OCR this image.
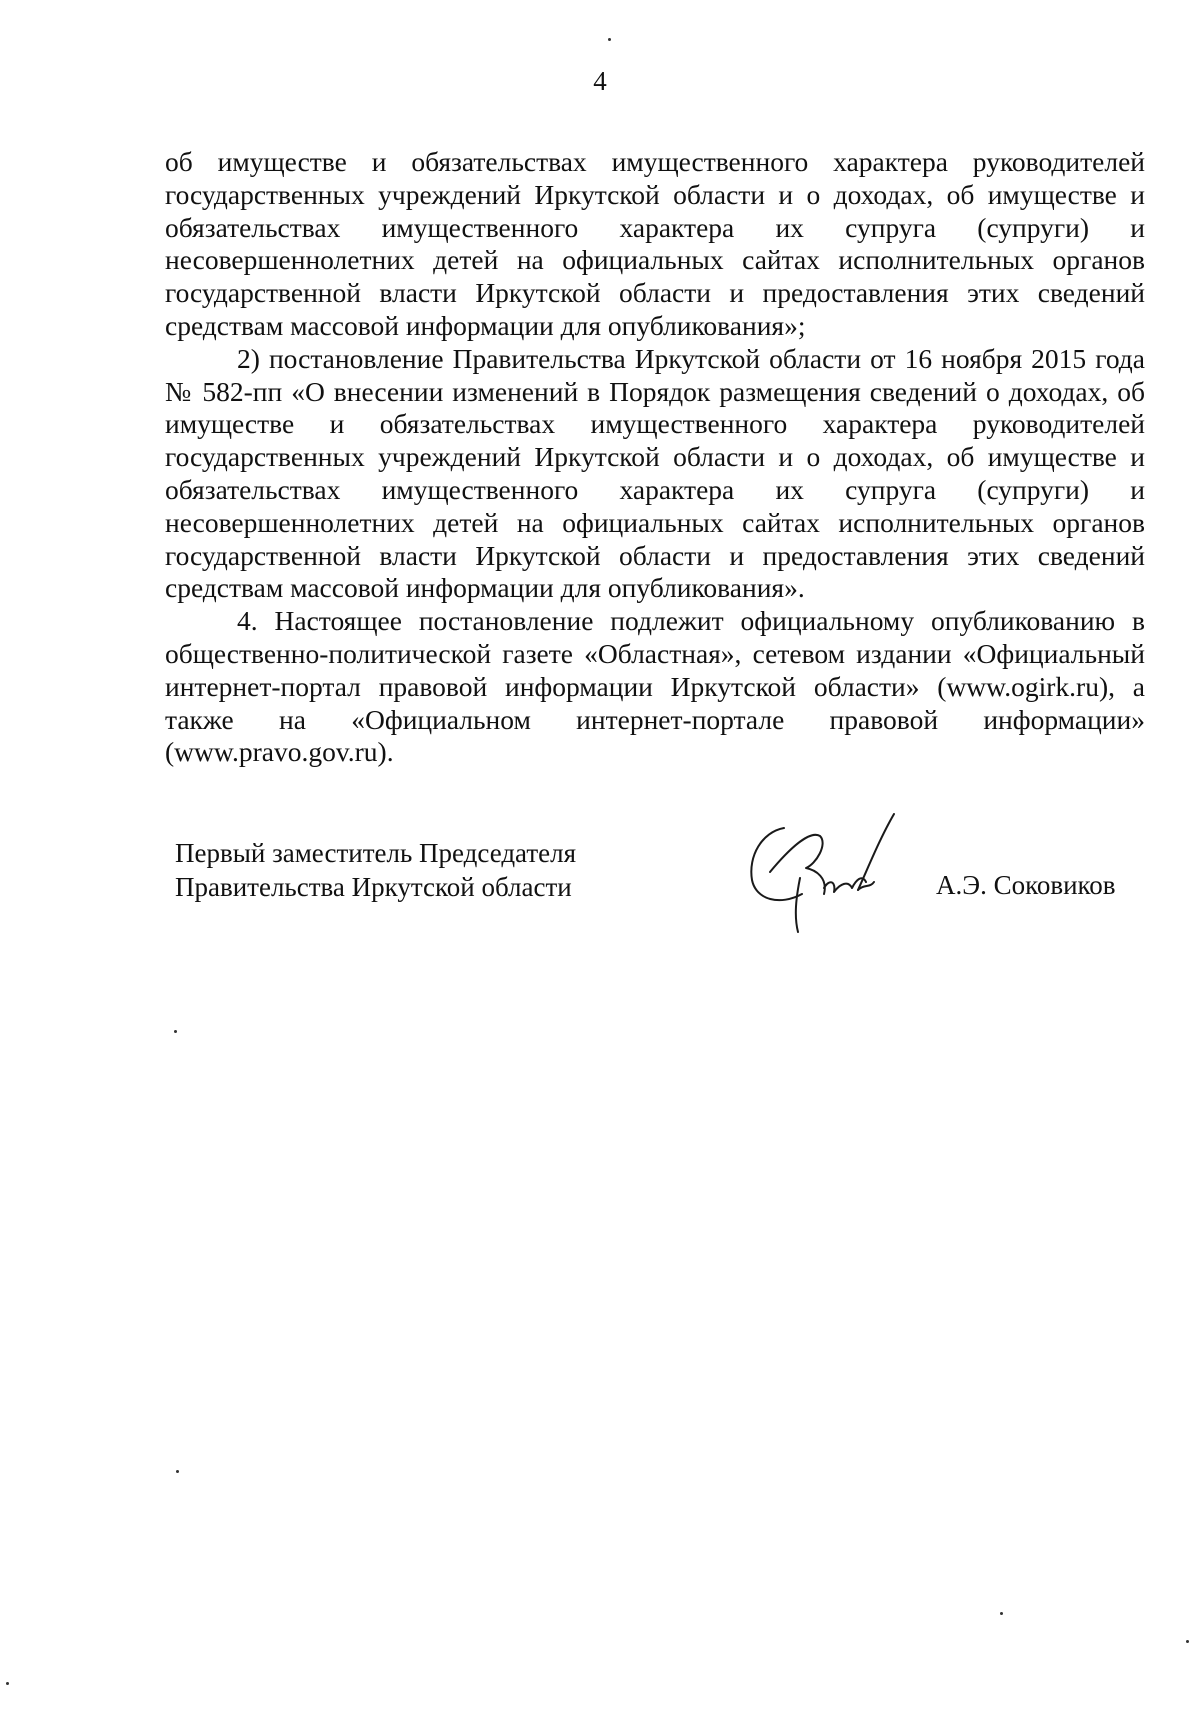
4

об имуществе и обязательствах имущественного характера руководителей государственных учреждений Иркутской области и о доходах, об имуществе и обязательствах имущественного характера их супруга (супруги) и несовершеннолетних детей на официальных сайтах исполнительных органов государственной власти Иркутской области и предоставления этих сведений средствам массовой информации для опубликования»;

2) постановление Правительства Иркутской области от 16 ноября 2015 года № 582-пп «О внесении изменений в Порядок размещения сведений о доходах, об имуществе и обязательствах имущественного характера руководителей государственных учреждений Иркутской области и о доходах, об имуществе и обязательствах имущественного характера их супруга (супруги) и несовершеннолетних детей на официальных сайтах исполнительных органов государственной власти Иркутской области и предоставления этих сведений средствам массовой информации для опубликования».

4. Настоящее постановление подлежит официальному опубликованию в общественно-политической газете «Областная», сетевом издании «Официальный интернет-портал правовой информации Иркутской области» (www.ogirk.ru), а также на «Официальном интернет-портале правовой информации» (www.pravo.gov.ru).

Первый заместитель Председателя
Правительства Иркутской области	А.Э. Соковиков
